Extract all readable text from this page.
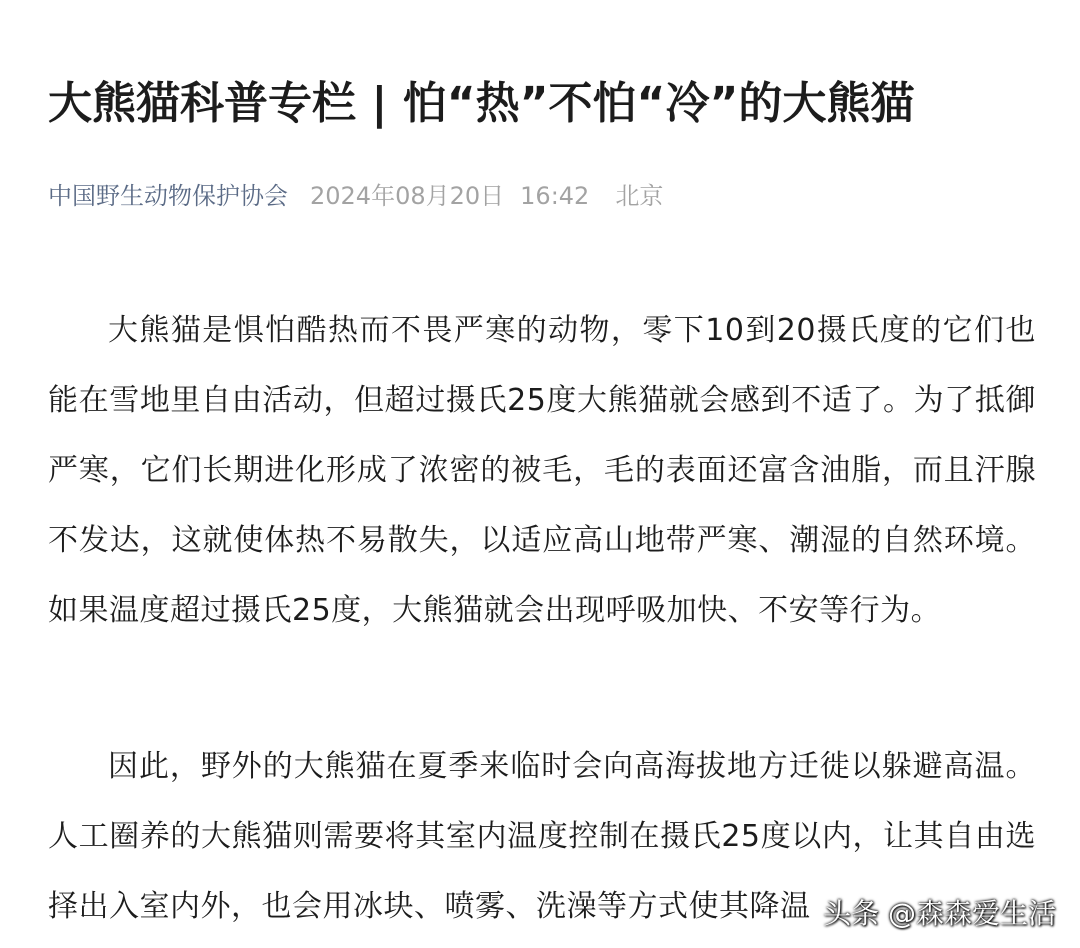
大熊猫科普专栏 | 怕“热”不怕“冷”的大熊猫
中国野生动物保护协会 2024年08月20日 16:42 北京

大熊猫是惧怕酷热而不畏严寒的动物，零下10到20摄氏度的它们也能在雪地里自由活动，但超过摄氏25度大熊猫就会感到不适了。为了抵御严寒，它们长期进化形成了浓密的被毛，毛的表面还富含油脂，而且汗腺不发达，这就使体热不易散失，以适应高山地带严寒、潮湿的自然环境。如果温度超过摄氏25度，大熊猫就会出现呼吸加快、不安等行为。

因此，野外的大熊猫在夏季来临时会向高海拔地方迁徙以躲避高温。人工圈养的大熊猫则需要将其室内温度控制在摄氏25度以内，让其自由选择出入室内外，也会用冰块、喷雾、洗澡等方式使其降温 头条 @森森爱生活
